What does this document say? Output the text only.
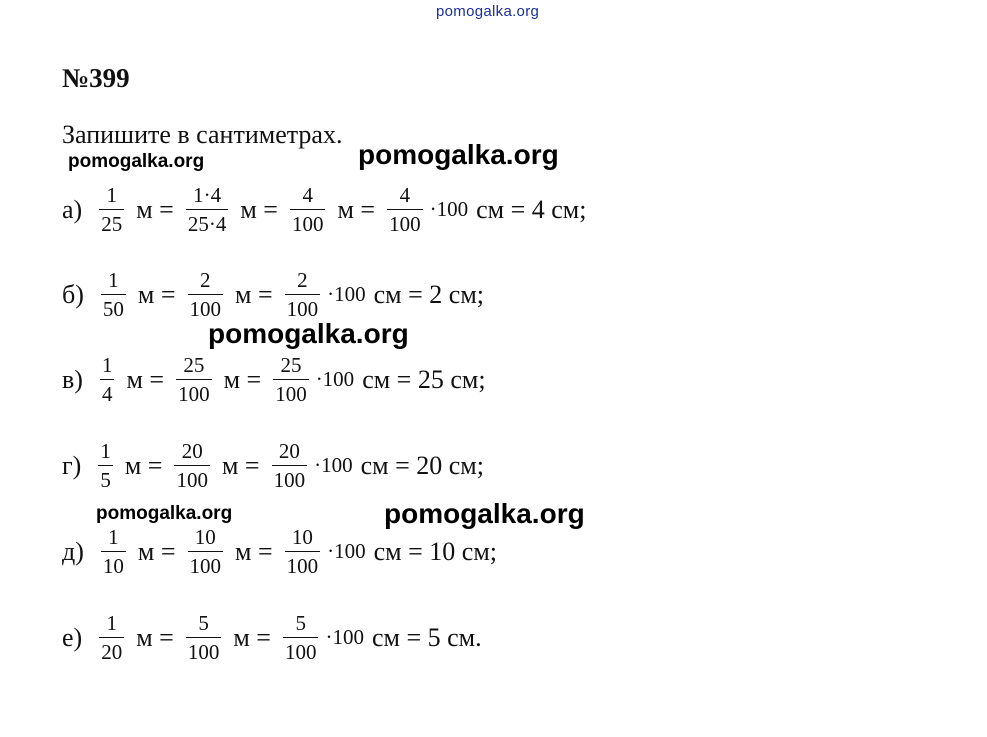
pomogalka.org
pomogalka.org	pomogalka.org
pomogalka.org
pomogalka.org	pomogalka.org
№399
Запишите в сантиметрах.
$а) \frac{1}{25}$ $м = \frac{1\cdot 4}{25\cdot 4}$ $м = \frac{4}{100}$ $м = \frac{4}{100} \cdot 100$ см = 4 см;
$б) \frac{1}{50}$ $м = \frac{2}{100}$ $м = \frac{2}{100} \cdot 100$ см = 2 см;
$в) \frac{1}{4}$ $м = \frac{25}{100}$ $м = \frac{25}{100} \cdot 100$ см = 25 см;
$г) \frac{1}{5}$ $м = \frac{20}{100}$ $м = \frac{20}{100} \cdot 100$ см = 20 см;
$д) \frac{1}{10}$ $м = \frac{10}{100}$ $м = \frac{10}{100} \cdot 100$ см = 10 см;
$е) \frac{1}{20}$ $м = \frac{5}{100}$ $м = \frac{5}{100} \cdot 100$ см = 5 см.
